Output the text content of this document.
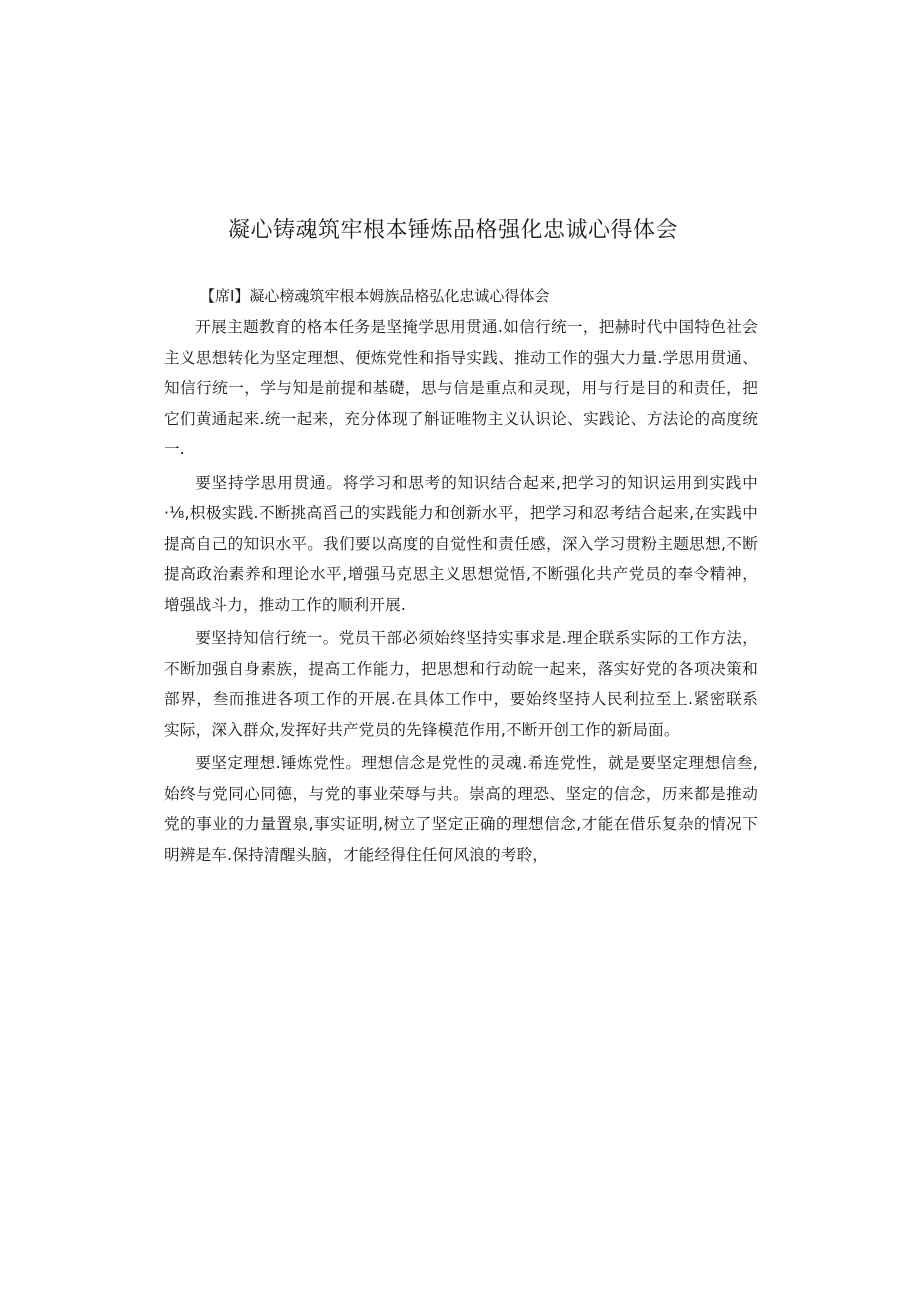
凝心铸魂筑牢根本锤炼品格强化忠诚心得体会

【席I】凝心榜魂筑牢根本姆族品格弘化忠诚心得体会

开展主题教育的格本任务是坚掩学思用贯通.如信行统一，把赫时代中国特色社会主义思想转化为坚定理想、便炼党性和指导实践、推动工作的强大力量.学思用贯通、知信行统一，学与知是前提和基礎，思与信是重点和灵现，用与行是目的和责任，把它们黄通起来.统一起来，充分体现了斛证唯物主义认识论、实践论、方法论的高度统一.

要坚持学思用贯通。将学习和思考的知识结合起来,把学习的知识运用到实践中·⅛,枳极实践.不断挑高舀己的实践能力和创新水平，把学习和忍考结合起来,在实践中提高自己的知识水平。我们要以高度的自觉性和责任感，深入学习贯粉主题思想,不断提高政治素养和理论水平,增强马克思主义思想觉悟,不断强化共产党员的奉令精神，增强战斗力，推动工作的顺利开展.

要坚持知信行统一。党员干部必须始终坚持实事求是.理企联系实际的工作方法，不断加强自身素族，提高工作能力，把思想和行动皖一起来，落实好党的各项决策和部界，叁而推进各项工作的开展.在具体工作中，要始终坚持人民利拉至上.紧密联系实际，深入群众,发挥好共产党员的先锋模范作用,不断开创工作的新局面。

要坚定理想.锤炼党性。理想信念是党性的灵魂.希连党性，就是要坚定理想信叁,始终与党同心同德，与党的事业荣辱与共。崇高的理恐、坚定的信念，历来都是推动党的事业的力量置泉,事实证明,树立了坚定正确的理想信念,才能在借乐复杂的情况下明辨是车.保持清醒头脑，才能经得住任何风浪的考聆，
